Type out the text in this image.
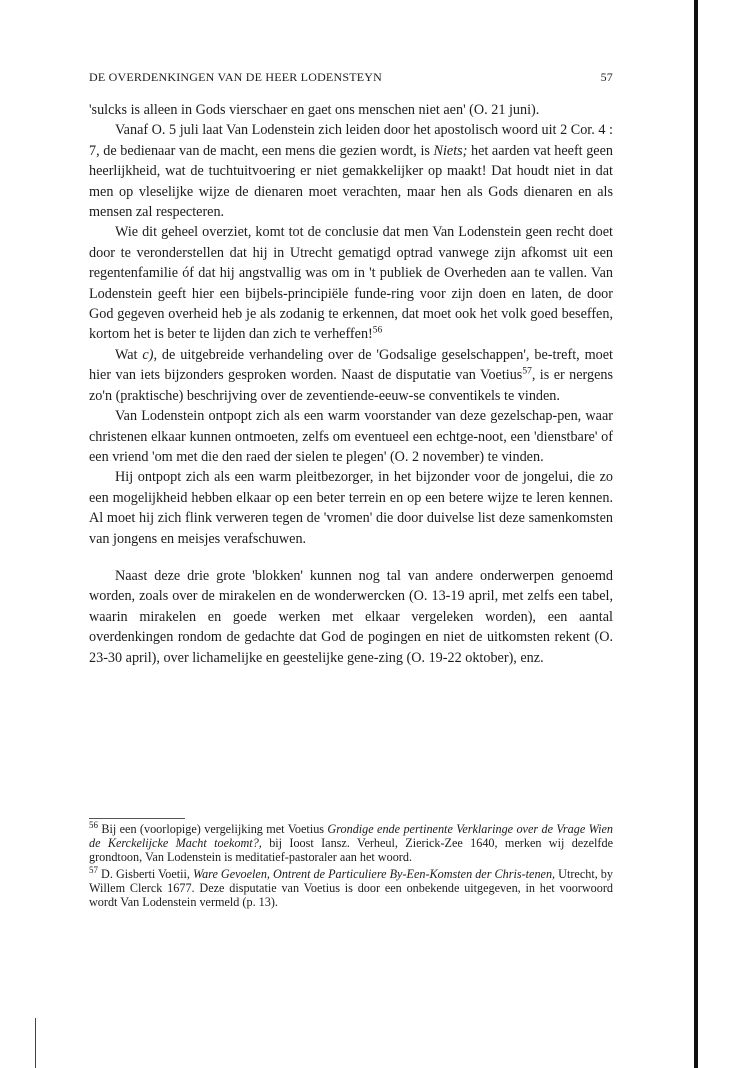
DE OVERDENKINGEN VAN DE HEER LODENSTEYN	57

'sulcks is alleen in Gods vierschaer en gaet ons menschen niet aen' (O. 21 juni).

Vanaf O. 5 juli laat Van Lodenstein zich leiden door het apostolisch woord uit 2 Cor. 4 : 7, de bedienaar van de macht, een mens die gezien wordt, is Niets; het aarden vat heeft geen heerlijkheid, wat de tuchtuitvoering er niet gemakkelijker op maakt! Dat houdt niet in dat men op vleselijke wijze de dienaren moet verachten, maar hen als Gods dienaren en als mensen zal respecteren.

Wie dit geheel overziet, komt tot de conclusie dat men Van Lodenstein geen recht doet door te veronderstellen dat hij in Utrecht gematigd optrad vanwege zijn afkomst uit een regentenfamilie óf dat hij angstvallig was om in 't publiek de Overheden aan te vallen. Van Lodenstein geeft hier een bijbels-principiële funde-ring voor zijn doen en laten, de door God gegeven overheid heb je als zodanig te erkennen, dat moet ook het volk goed beseffen, kortom het is beter te lijden dan zich te verheffen!$^{56}$

Wat c), de uitgebreide verhandeling over de 'Godsalige geselschappen', be-treft, moet hier van iets bijzonders gesproken worden. Naast de disputatie van Voetius$^{57}$, is er nergens zo'n (praktische) beschrijving over de zeventiende-eeuw-se conventikels te vinden.

Van Lodenstein ontpopt zich als een warm voorstander van deze gezelschap-pen, waar christenen elkaar kunnen ontmoeten, zelfs om eventueel een echtge-noot, een 'dienstbare' of een vriend 'om met die den raed der sielen te plegen' (O. 2 november) te vinden.

Hij ontpopt zich als een warm pleitbezorger, in het bijzonder voor de jongelui, die zo een mogelijkheid hebben elkaar op een beter terrein en op een betere wijze te leren kennen. Al moet hij zich flink verweren tegen de 'vromen' die door duivelse list deze samenkomsten van jongens en meisjes verafschuwen.

Naast deze drie grote 'blokken' kunnen nog tal van andere onderwerpen genoemd worden, zoals over de mirakelen en de wonderwercken (O. 13-19 april, met zelfs een tabel, waarin mirakelen en goede werken met elkaar vergeleken worden), een aantal overdenkingen rondom de gedachte dat God de pogingen en niet de uitkomsten rekent (O. 23-30 april), over lichamelijke en geestelijke gene-zing (O. 19-22 oktober), enz.

$^{56}$ Bij een (voorlopige) vergelijking met Voetius Grondige ende pertinente Verklaringe over de Vrage Wien de Kerckelijcke Macht toekomt?, bij Ioost Iansz. Verheul, Zierick-Zee 1640, merken wij dezelfde grondtoon, Van Lodenstein is meditatief-pastoraler aan het woord.

$^{57}$ D. Gisberti Voetii, Ware Gevoelen, Ontrent de Particuliere By-Een-Komsten der Chris-tenen, Utrecht, by Willem Clerck 1677. Deze disputatie van Voetius is door een onbekende uitgegeven, in het voorwoord wordt Van Lodenstein vermeld (p. 13).
